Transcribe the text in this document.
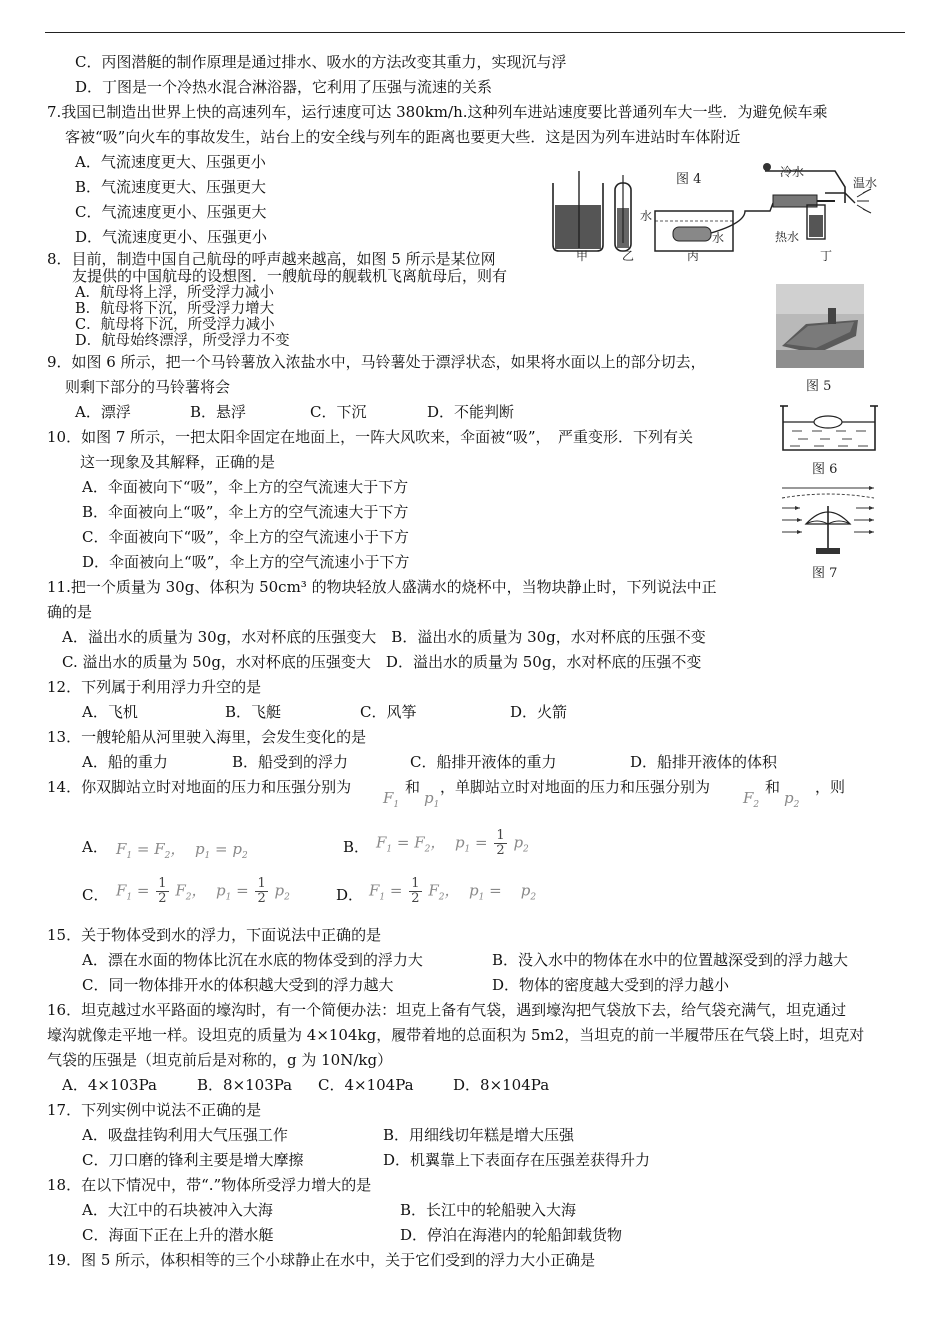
C．丙图潜艇的制作原理是通过排水、吸水的方法改变其重力，实现沉与浮
D．丁图是一个冷热水混合淋浴器，它利用了压强与流速的关系
7.我国已制造出世界上快的高速列车，运行速度可达 380km/h.这种列车进站速度要比普通列车大一些．为避免候车乘
客被“吸”向火车的事故发生，站台上的安全线与列车的距离也要更大些．这是因为列车进站时车体附近
A．气流速度更大、压强更小
B．气流速度更大、压强更大
C．气流速度更小、压强更大
D．气流速度更小、压强更小
8．目前，制造中国自己航母的呼声越来越高，如图 5 所示是某位网
友提供的中国航母的设想图．一艘航母的舰载机飞离航母后，则有
A．航母将上浮，所受浮力减小
B．航母将下沉，所受浮力增大
C．航母将下沉，所受浮力减小
D．航母始终漂浮，所受浮力不变
9．如图 6 所示，把一个马铃薯放入浓盐水中，马铃薯处于漂浮状态，如果将水面以上的部分切去，
则剩下部分的马铃薯将会
A．漂浮	B．悬浮	C．下沉	D．不能判断
10．如图 7 所示，一把太阳伞固定在地面上，一阵大风吹来，伞面被“吸”，　严重变形．下列有关
这一现象及其解释，正确的是
A．伞面被向下“吸”，伞上方的空气流速大于下方
B．伞面被向上“吸”，伞上方的空气流速大于下方
C．伞面被向下“吸”，伞上方的空气流速小于下方
D．伞面被向上“吸”，伞上方的空气流速小于下方
11.把一个质量为 30g、体积为 50cm³ 的物块轻放人盛满水的烧杯中，当物块静止时，下列说法中正
确的是
A．溢出水的质量为 30g，水对杯底的压强变大　B．溢出水的质量为 30g，水对杯底的压强不变
C. 溢出水的质量为 50g，水对杯底的压强变大　D．溢出水的质量为 50g，水对杯底的压强不变
12．下列属于利用浮力升空的是
A．飞机	B．飞艇	C．风筝	D．火箭
13．一艘轮船从河里驶入海里，会发生变化的是
A．船的重力	B．船受到的浮力	C．船排开液体的重力	D．船排开液体的体积
14．你双脚站立时对地面的压力和压强分别为	和 ，单脚站立时对地面的压力和压强分别为	和 ，则
$F_1$ $p_1$	$F_2$ $p_2$
A． $F_1 = F_2$，  $p_1 = p_2$	B． $F_1 = F_2$，  $p_1 = \frac{1}{2} p_2$
C． $F_1 = \frac{1}{2} F_2$，  $p_1 = \frac{1}{2} p_2$	D． $F_1 = \frac{1}{2} F_2$，  $p_1$ =    $p_2$
15．关于物体受到水的浮力，下面说法中正确的是
A．漂在水面的物体比沉在水底的物体受到的浮力大	B．没入水中的物体在水中的位置越深受到的浮力越大
C．同一物体排开水的体积越大受到的浮力越大	D．物体的密度越大受到的浮力越小
16．坦克越过水平路面的壕沟时，有一个简便办法：坦克上备有气袋，遇到壕沟把气袋放下去，给气袋充满气，坦克通过
壕沟就像走平地一样。设坦克的质量为 4×104kg，履带着地的总面积为 5m2，当坦克的前一半履带压在气袋上时，坦克对
气袋的压强是（坦克前后是对称的，g 为 10N/kg）
A．4×103Pa	B．8×103Pa C．4×104Pa	D．8×104Pa
17．下列实例中说法不正确的是
A．吸盘挂钩利用大气压强工作	B．用细线切年糕是增大压强
C．刀口磨的锋利主要是增大摩擦	D．机翼靠上下表面存在压强差获得升力
18．在以下情况中，带“.”物体所受浮力增大的是
A．大江中的石块被冲入大海	B．长江中的轮船驶入大海
C．海面下正在上升的潜水艇	D．停泊在海港内的轮船卸载货物
19．图 5 所示，体积相等的三个小球静止在水中，关于它们受到的浮力大小正确是
图 4	冷水
温水
热水
水
水
甲	乙	丙	丁
图 5
图 6
图 7
